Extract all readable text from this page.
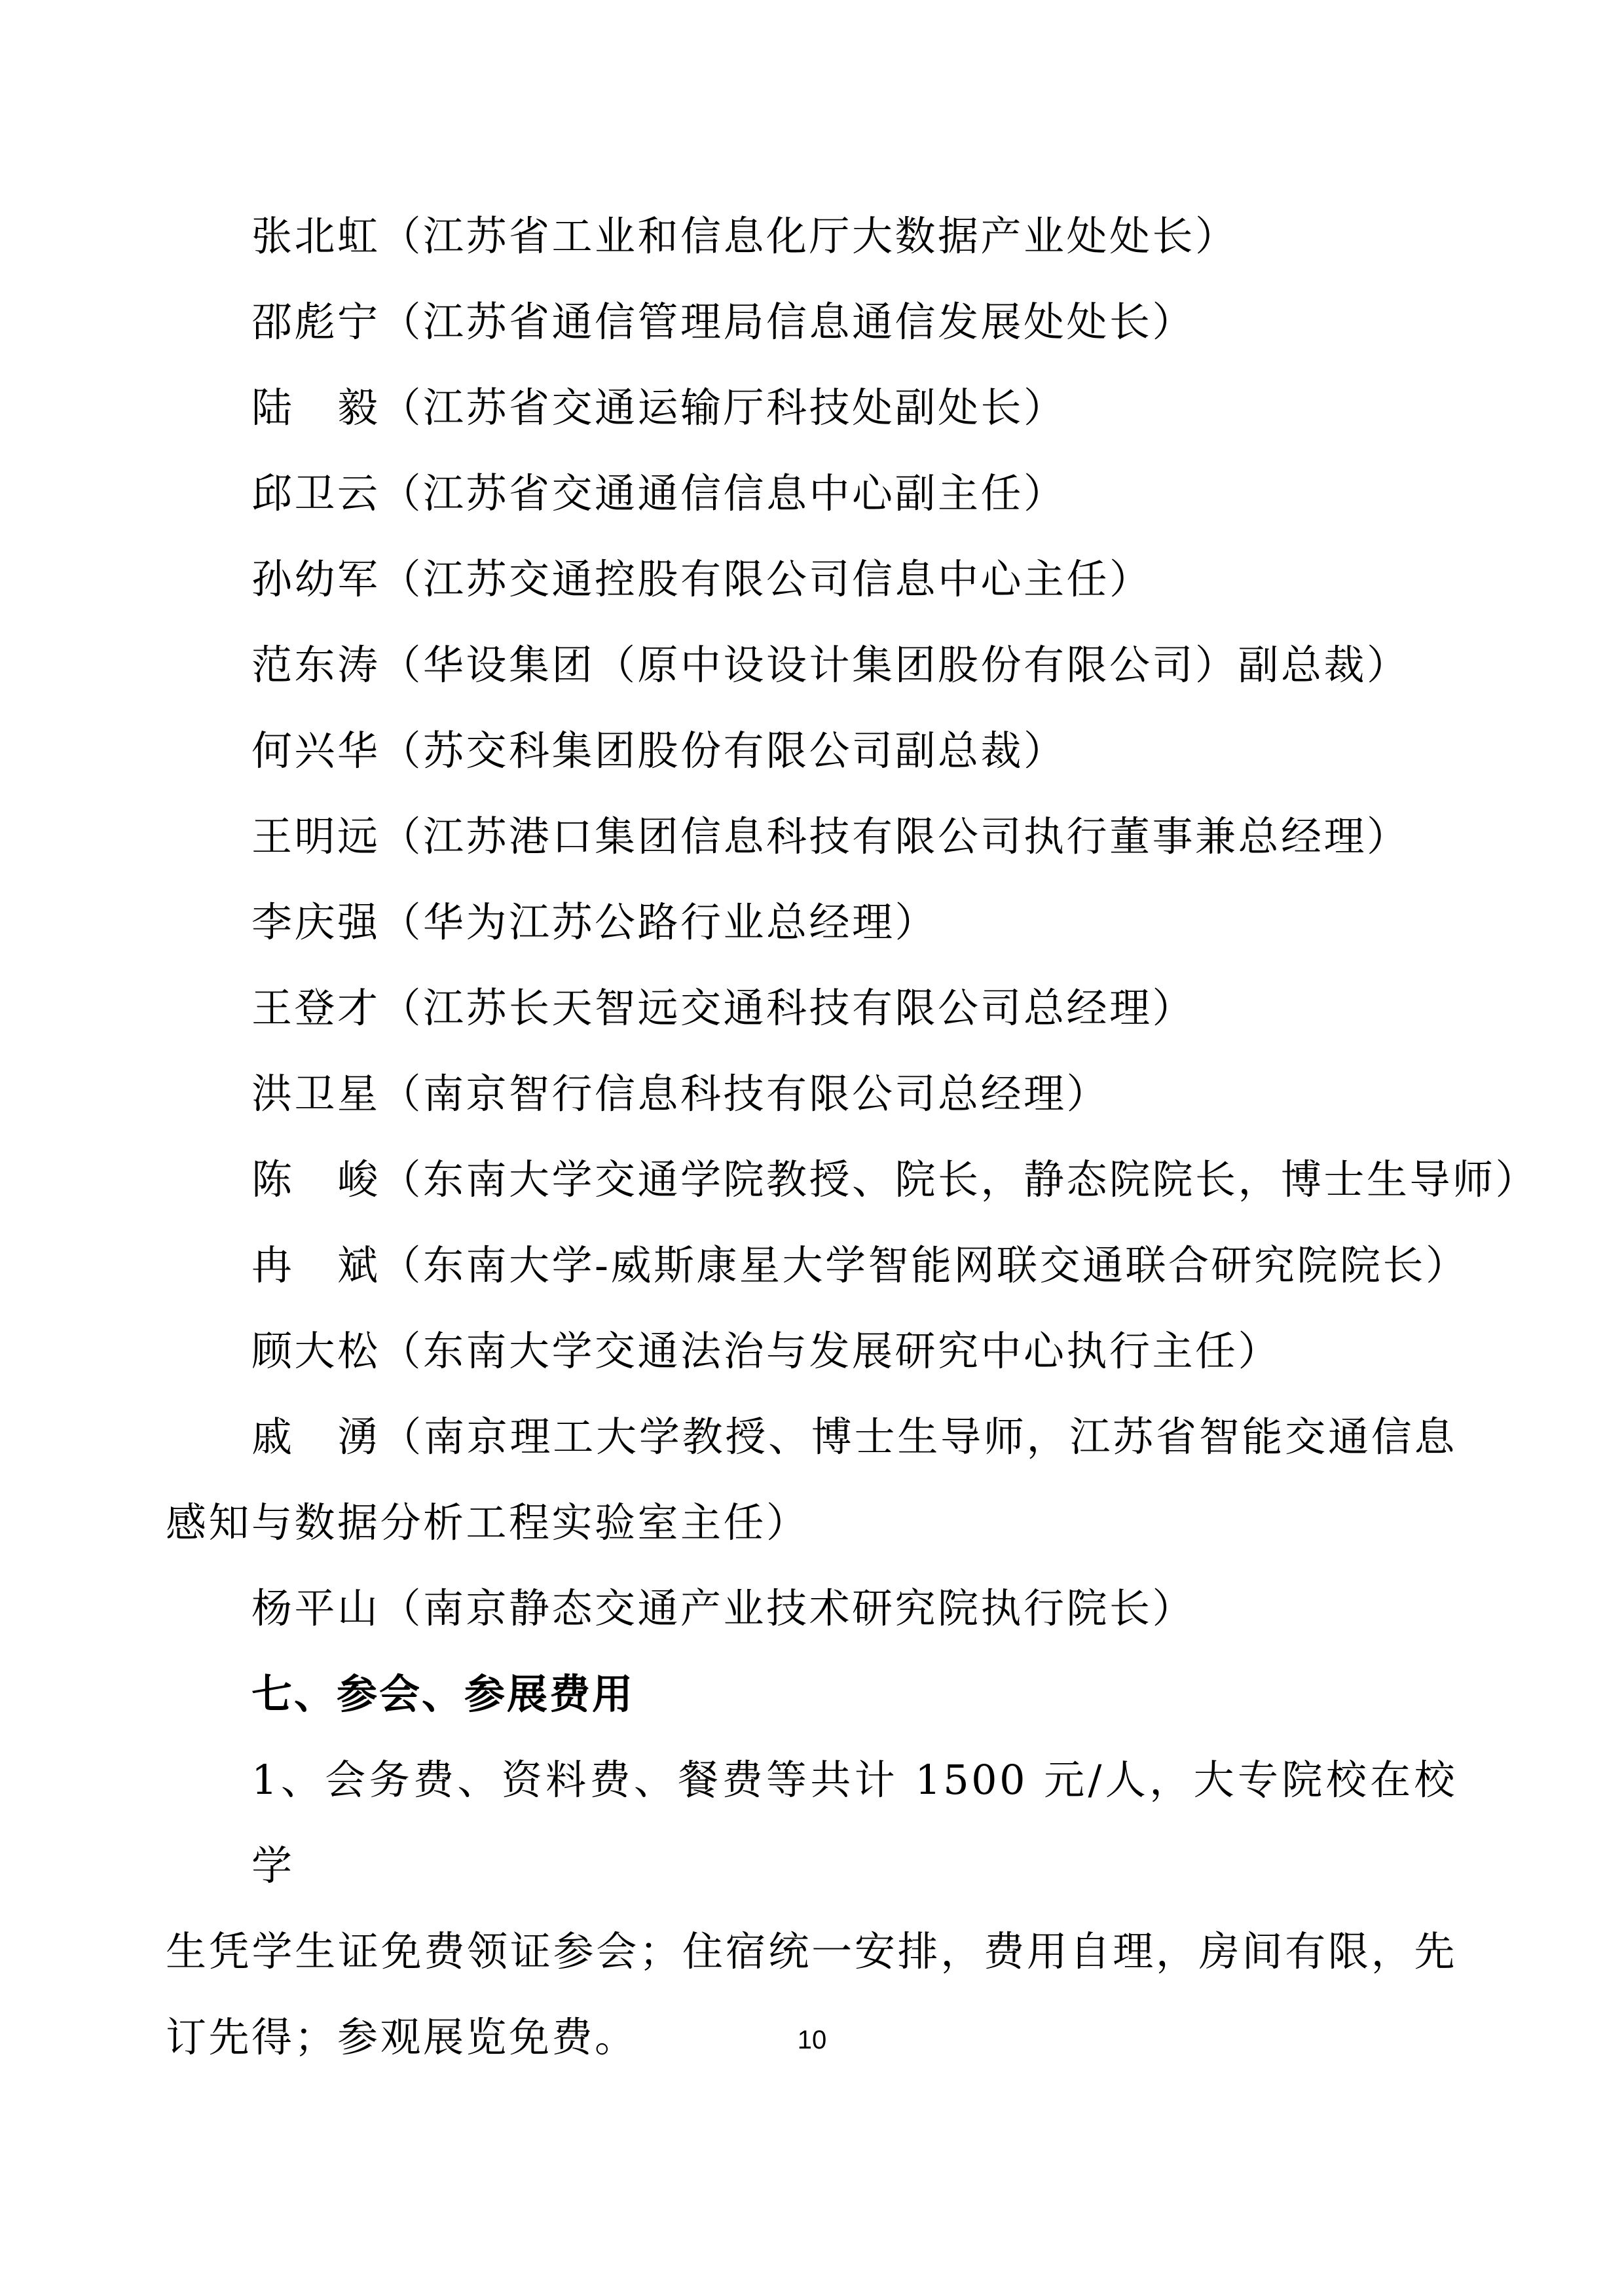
张北虹（江苏省工业和信息化厅大数据产业处处长）
邵彪宁（江苏省通信管理局信息通信发展处处长）
陆　毅（江苏省交通运输厅科技处副处长）
邱卫云（江苏省交通通信信息中心副主任）
孙幼军（江苏交通控股有限公司信息中心主任）
范东涛（华设集团（原中设设计集团股份有限公司）副总裁）
何兴华（苏交科集团股份有限公司副总裁）
王明远（江苏港口集团信息科技有限公司执行董事兼总经理）
李庆强（华为江苏公路行业总经理）
王登才（江苏长天智远交通科技有限公司总经理）
洪卫星（南京智行信息科技有限公司总经理）
陈　峻（东南大学交通学院教授、院长，静态院院长，博士生导师）
冉　斌（东南大学-威斯康星大学智能网联交通联合研究院院长）
顾大松（东南大学交通法治与发展研究中心执行主任）
戚　湧（南京理工大学教授、博士生导师，江苏省智能交通信息
感知与数据分析工程实验室主任）
杨平山（南京静态交通产业技术研究院执行院长）
七、参会、参展费用
1、会务费、资料费、餐费等共计 1500 元/人，大专院校在校学
生凭学生证免费领证参会；住宿统一安排，费用自理，房间有限，先
订先得；参观展览免费。	10
